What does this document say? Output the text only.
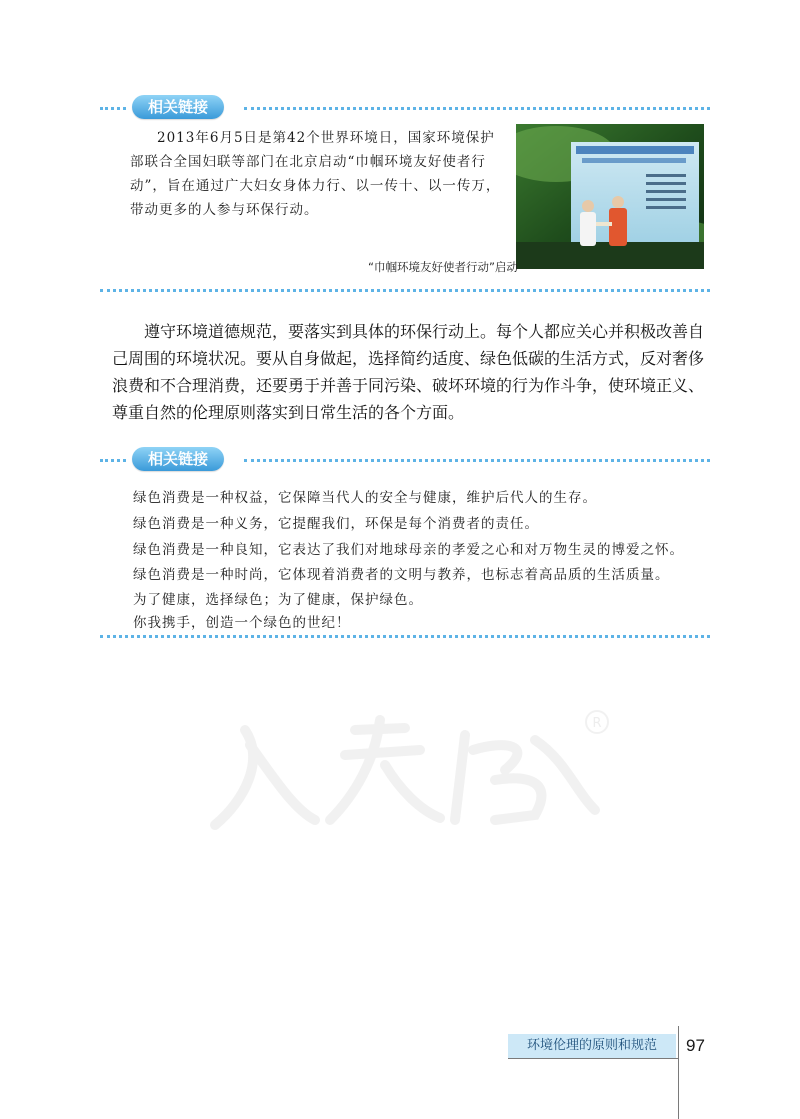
相关链接
2013年6月5日是第42个世界环境日，国家环境保护部联合全国妇联等部门在北京启动“巾帼环境友好使者行动”，旨在通过广大妇女身体力行、以一传十、以一传万，带动更多的人参与环保行动。
“巾帼环境友好使者行动”启动
遵守环境道德规范，要落实到具体的环保行动上。每个人都应关心并积极改善自己周围的环境状况。要从自身做起，选择简约适度、绿色低碳的生活方式，反对奢侈浪费和不合理消费，还要勇于并善于同污染、破坏环境的行为作斗争，使环境正义、尊重自然的伦理原则落实到日常生活的各个方面。
相关链接
绿色消费是一种权益，它保障当代人的安全与健康，维护后代人的生存。
绿色消费是一种义务，它提醒我们，环保是每个消费者的责任。
绿色消费是一种良知，它表达了我们对地球母亲的孝爱之心和对万物生灵的博爱之怀。
绿色消费是一种时尚，它体现着消费者的文明与教养，也标志着高品质的生活质量。
为了健康，选择绿色；为了健康，保护绿色。
你我携手，创造一个绿色的世纪！
R
环境伦理的原则和规范	97
